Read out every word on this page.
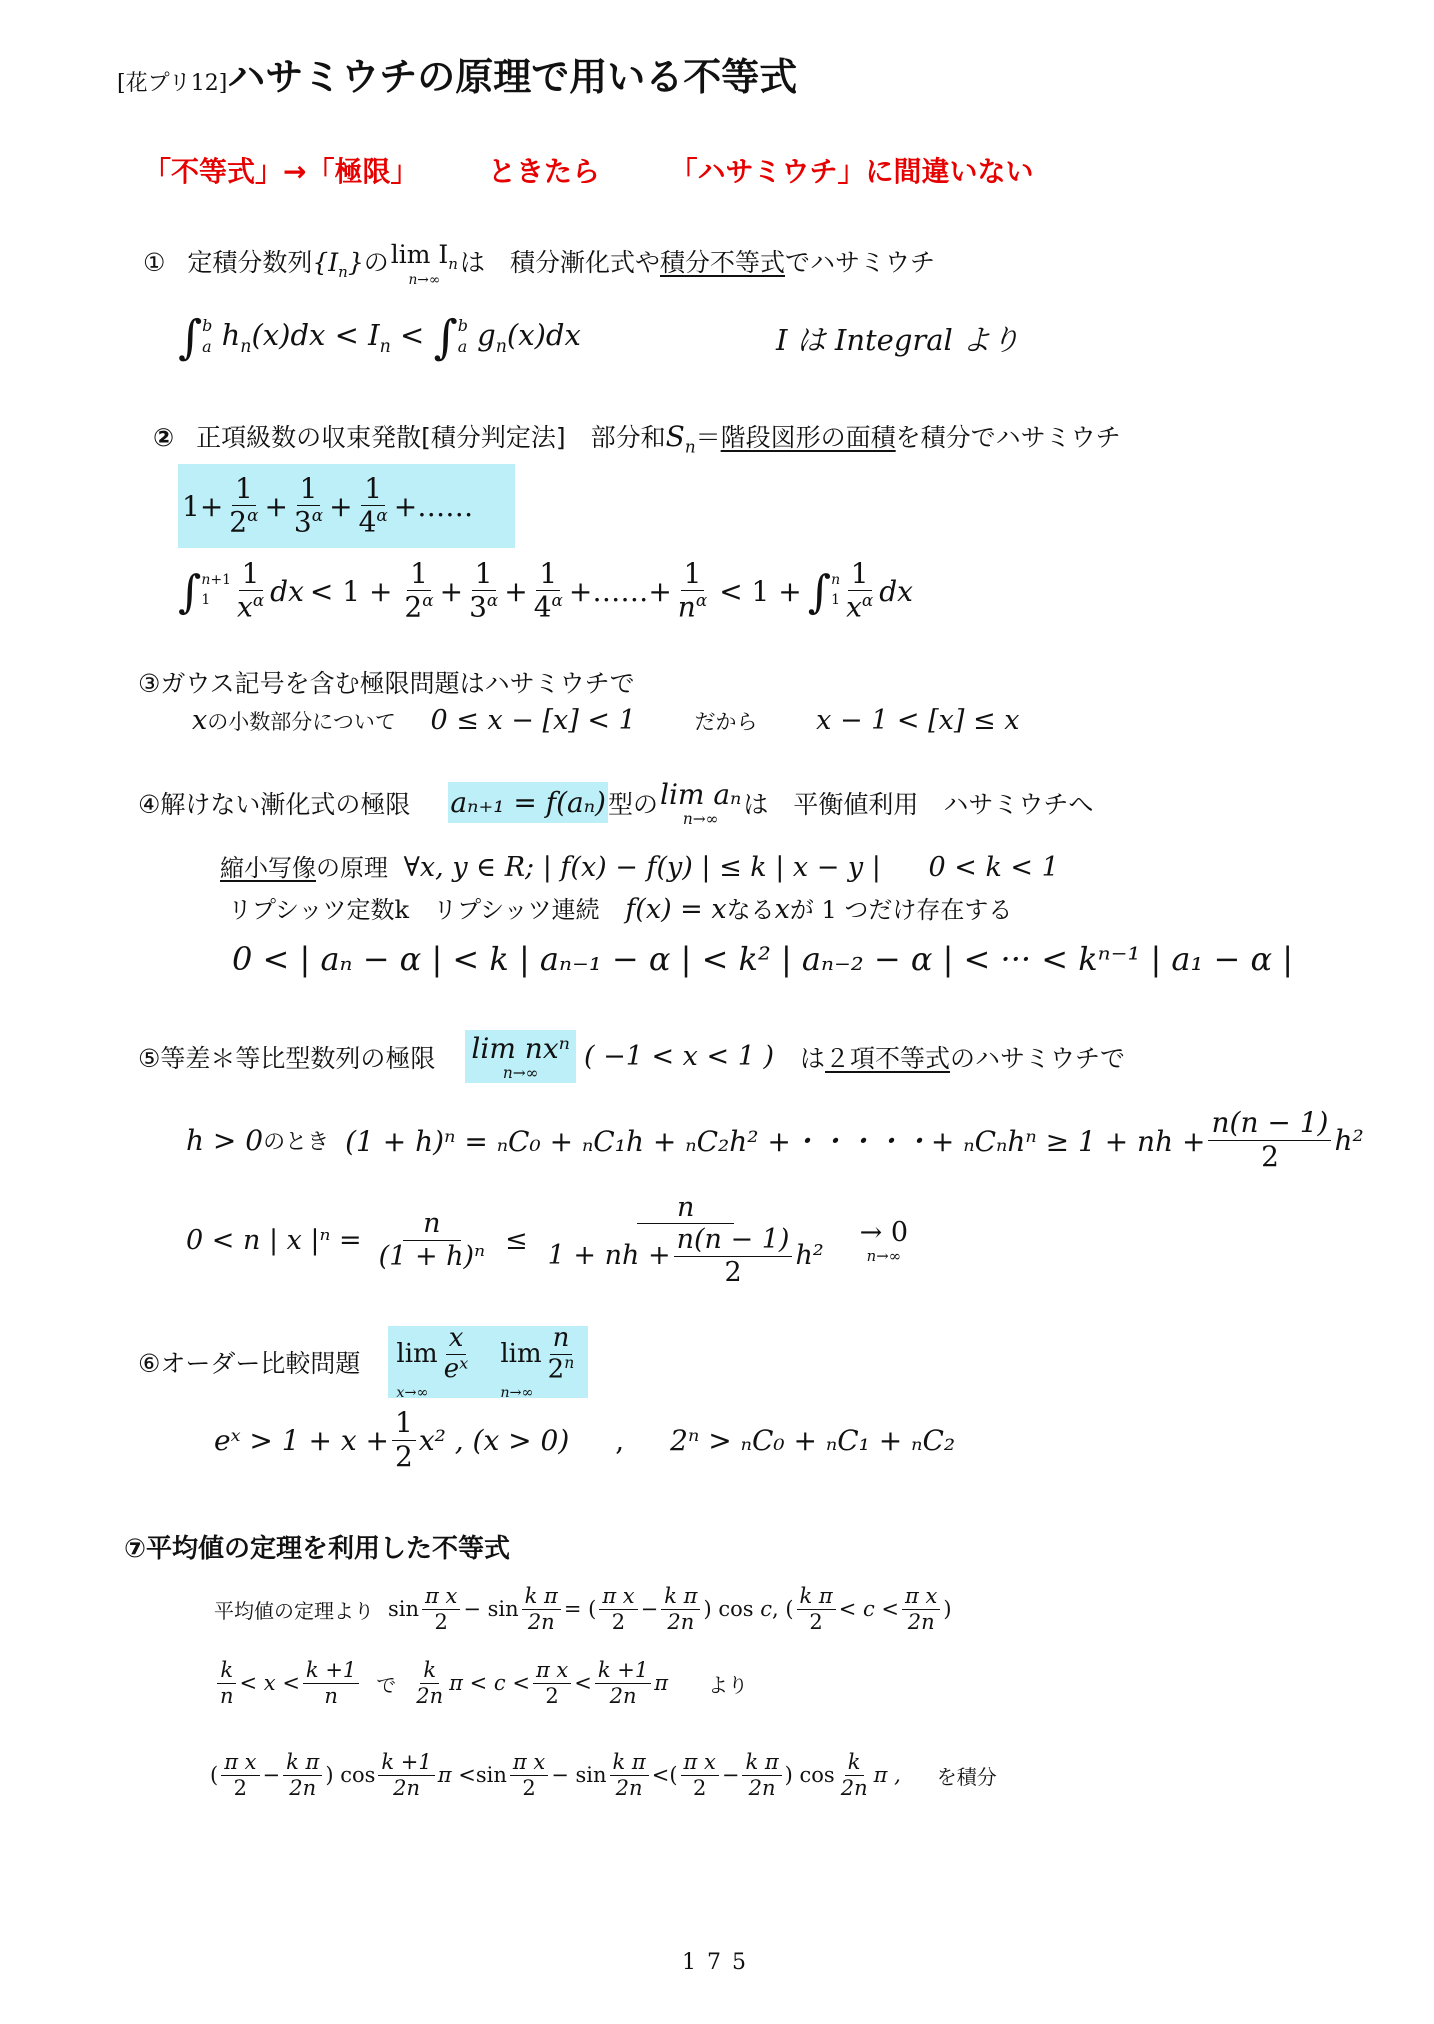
[花プリ12]ハサミウチの原理で用いる不等式
「不等式」→「極限」 ときたら 「ハサミウチ」に間違いない
① 定積分数列$\{I_n\}$の $\lim I_n$
n→∞
は　積分漸化式や積分不等式でハサミウチ
∫ b
a $h_n(x)dx < I_n$ < ∫ b
a $g_n(x)dx$	I は Integral より
② 正項級数の収束発散[積分判定法]　部分和$S_n=$階段図形の面積を積分でハサミウチ
$1+ \frac{1}{2^\alpha}$ +
1
$3^\alpha$ +
1
$4^\alpha$ +……
∫ n+1
1
1
$x^\alpha$ dx < $1 + \frac{1}{2^\alpha}$ +
1
$3^\alpha$ +
1
$4^\alpha$ +……+ $\frac{1}{n^\alpha} < 1$ + ∫ n
1
1
$x^\alpha$ dx
③ガウス記号を含む極限問題はハサミウチで
xの小数部分について 0 ≤ x − [x] < 1	だから x − 1 < [x] ≤ x
④解けない漸化式の極限 aₙ₊₁ = f(aₙ) 型の lim aₙ
n→∞
は　平衡値利用　ハサミウチへ
縮小写像の原理 ∀x, y ∈ R; | f(x) − f(y) | ≤ k | x − y | 0 < k < 1
リプシッツ定数k　リプシッツ連続 f(x) = xなるxが 1 つだけ存在する
0 < | aₙ − α | < k | aₙ₋₁ − α | < k² | aₙ₋₂ − α | < ··· < kⁿ⁻¹ | a₁ − α |
⑤等差＊等比型数列の極限 lim nxⁿ
n→∞
( −1 < x < 1 ) は ２項不等式 のハサミウチで
h > 0 のとき (1 + h)ⁿ = ₙC₀ + ₙC₁h + ₙC₂h² +・・・・・+ ₙCₙhⁿ ≥ 1 + nh + $\frac{n(n - 1)}{2} h^2$
0 < n | x $|^n = \frac{n}{\text{(1 + h)ⁿ}} \le n$
1 + nh +
n(n − 1)
2
h² → 0
n→∞
⑥オーダー比較問題 lim
x
eˣ
x→∞
lim
n
2$^n$
n→∞
eˣ > $1 + x + \frac{1}{2} x^2$ , (x > 0) , 2ⁿ > ₙC₀ + ₙC₁ + ₙC₂
⑦平均値の定理を利用した不等式
平均値の定理より sin
π x
2
− $\sin \frac{\text{k π}}{2n}$ = (
π x
2
−
k π
2n
) cos c , (
k π
2
< c <
π x
2n
)
k
n
< x <
k +1
n で
k
2n
π < c <
π x
2
<
k +1
2n
π より
(
π x
2
−
k π
2n
) cos
k +1
2n
π < sin
π x
2
− sin
k π
2n
< (
π x
2
−
k π
2n
) cos
k
2n
π , を積分
1 7 5
